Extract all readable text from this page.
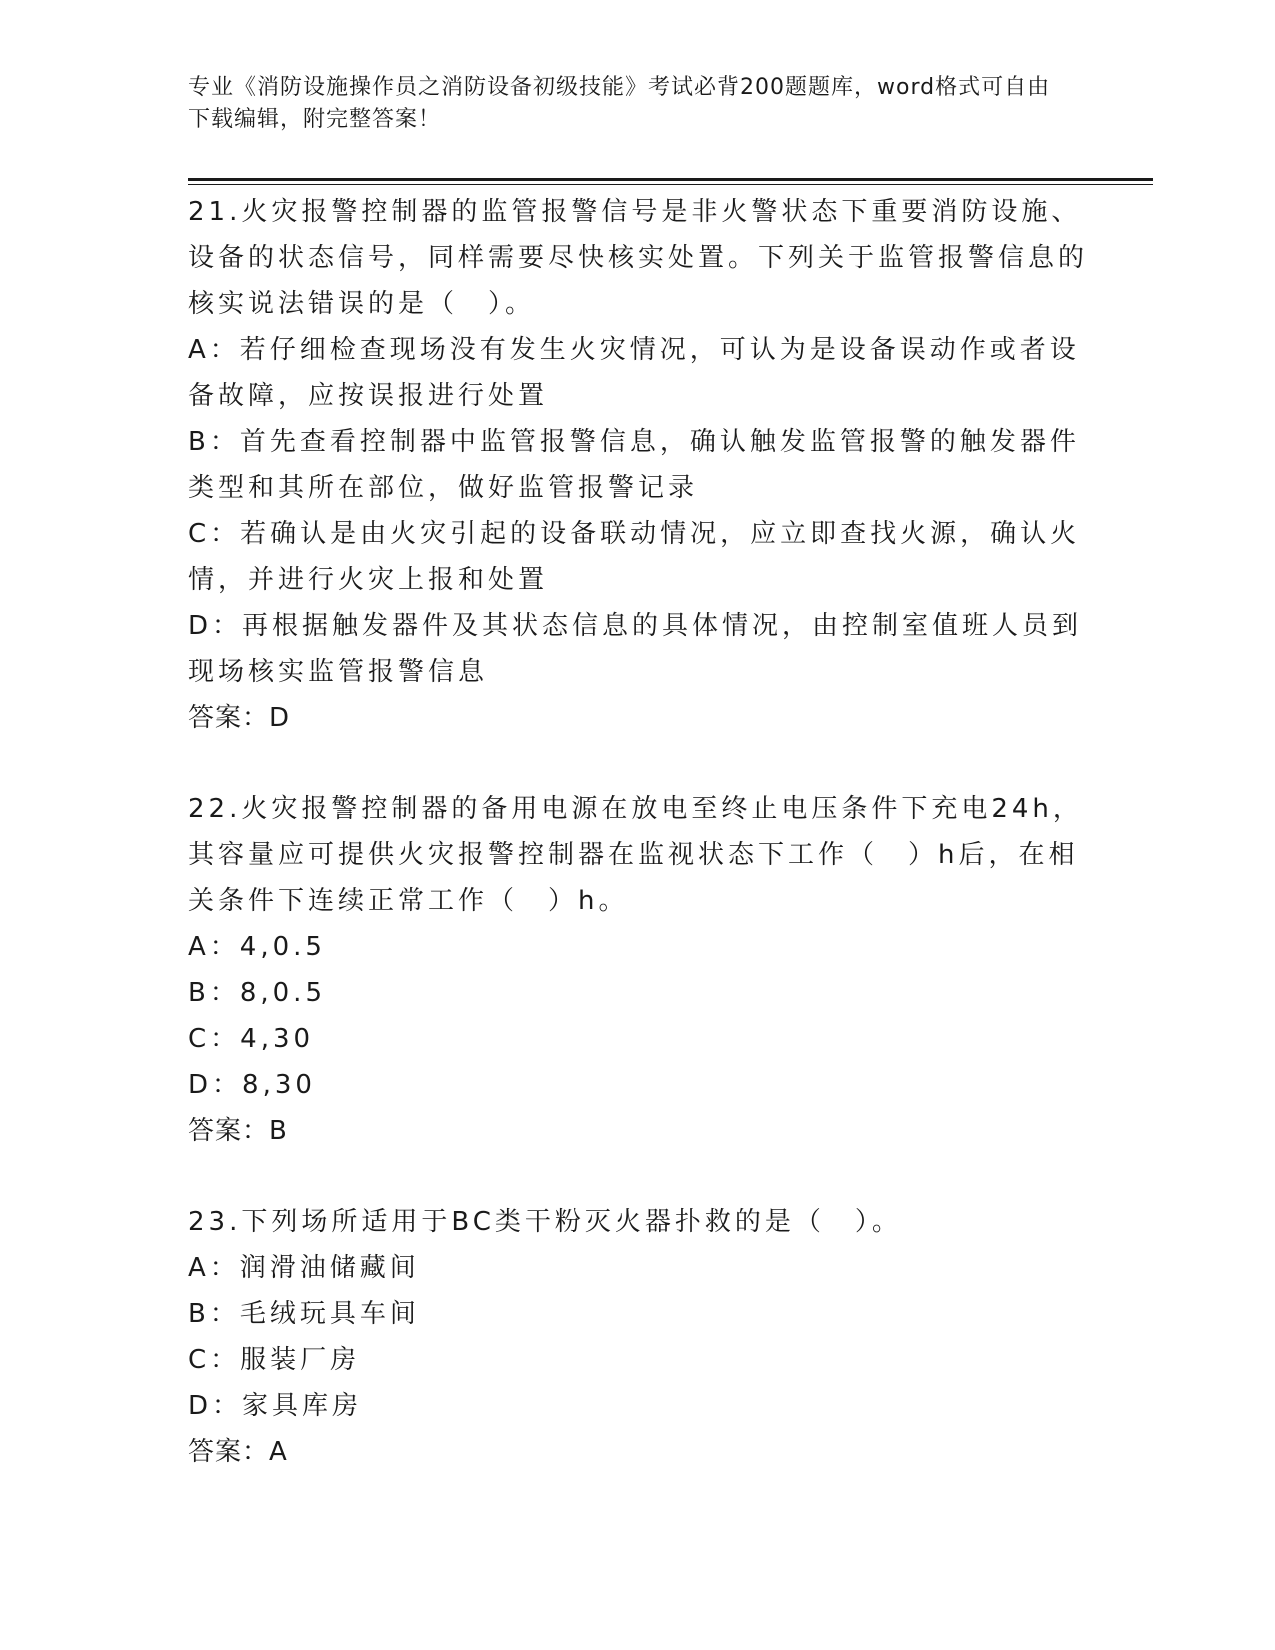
专业《消防设施操作员之消防设备初级技能》考试必背200题题库，word格式可自由下载编辑，附完整答案！

21.火灾报警控制器的监管报警信号是非火警状态下重要消防设施、设备的状态信号，同样需要尽快核实处置。下列关于监管报警信息的核实说法错误的是（　）。

A：若仔细检查现场没有发生火灾情况，可认为是设备误动作或者设备故障，应按误报进行处置

B：首先查看控制器中监管报警信息，确认触发监管报警的触发器件类型和其所在部位，做好监管报警记录

C：若确认是由火灾引起的设备联动情况，应立即查找火源，确认火情，并进行火灾上报和处置

D：再根据触发器件及其状态信息的具体情况，由控制室值班人员到现场核实监管报警信息

答案：D

22.火灾报警控制器的备用电源在放电至终止电压条件下充电24h，其容量应可提供火灾报警控制器在监视状态下工作（　）h后，在相关条件下连续正常工作（　）h。

A：4,0.5

B：8,0.5

C：4,30

D：8,30

答案：B

23.下列场所适用于BC类干粉灭火器扑救的是（　）。

A：润滑油储藏间

B：毛绒玩具车间

C：服装厂房

D：家具库房

答案：A
